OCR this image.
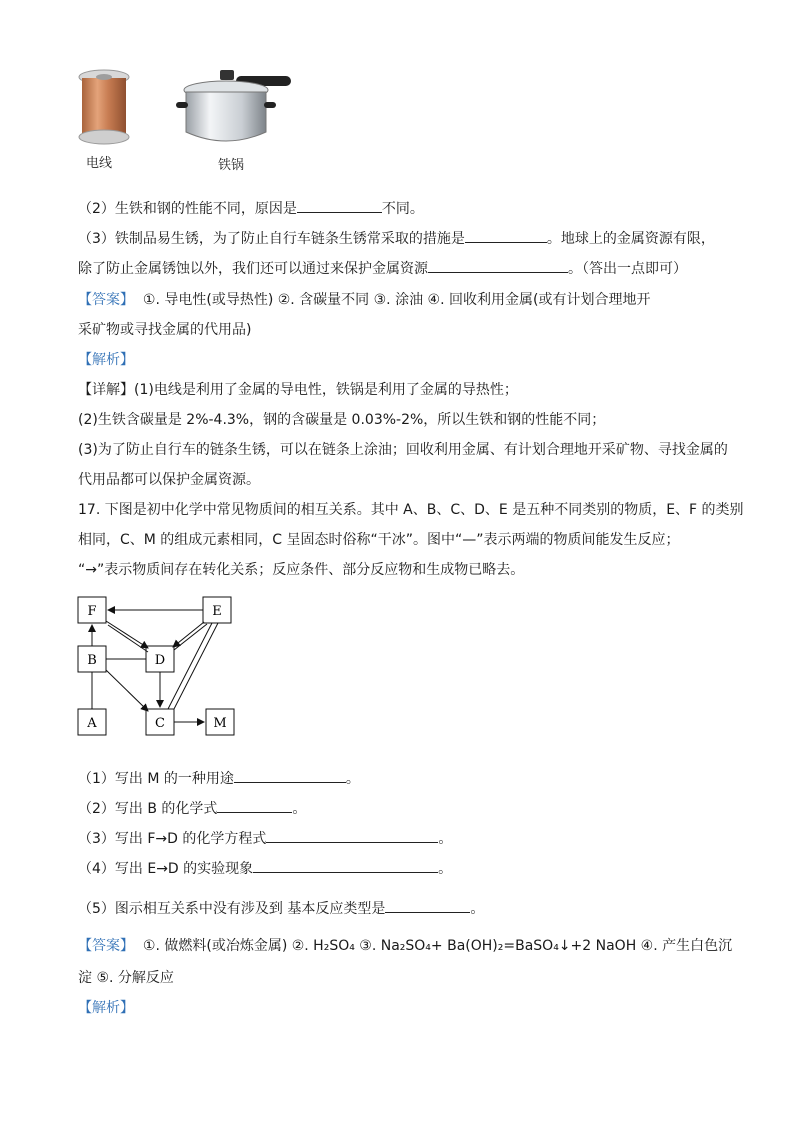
电线	铁锅
（2）生铁和钢的性能不同，原因是	不同。
（3）铁制品易生锈，为了防止自行车链条生锈常采取的措施是	。地球上的金属资源有限，
除了防止金属锈蚀以外，我们还可以通过来保护金属资源	。（答出一点即可）
【答案】 ①. 导电性(或导热性) ②. 含碳量不同 ③. 涂油 ④. 回收利用金属(或有计划合理地开
采矿物或寻找金属的代用品)
【解析】
【详解】(1)电线是利用了金属的导电性，铁锅是利用了金属的导热性；
(2)生铁含碳量是 2%-4.3%，钢的含碳量是 0.03%-2%，所以生铁和钢的性能不同；
(3)为了防止自行车的链条生锈，可以在链条上涂油；回收利用金属、有计划合理地开采矿物、寻找金属的
代用品都可以保护金属资源。
17. 下图是初中化学中常见物质间的相互关系。其中 A、B、C、D、E 是五种不同类别的物质，E、F 的类别
相同，C、M 的组成元素相同，C 呈固态时俗称“干冰”。图中“—”表示两端的物质间能发生反应；
“→”表示物质间存在转化关系；反应条件、部分反应物和生成物已略去。
F	E
B	D
A	C	M
（1）写出 M 的一种用途	。
（2）写出 B 的化学式	。
（3）写出 F→D 的化学方程式	。
（4）写出 E→D 的实验现象	。
（5）图示相互关系中没有涉及到 基本反应类型是	。
【答案】 ①. 做燃料(或冶炼金属) ②. H₂SO₄ ③. Na₂SO₄+ Ba(OH)₂=BaSO₄↓+2 NaOH ④. 产生白色沉
淀 ⑤. 分解反应
【解析】
